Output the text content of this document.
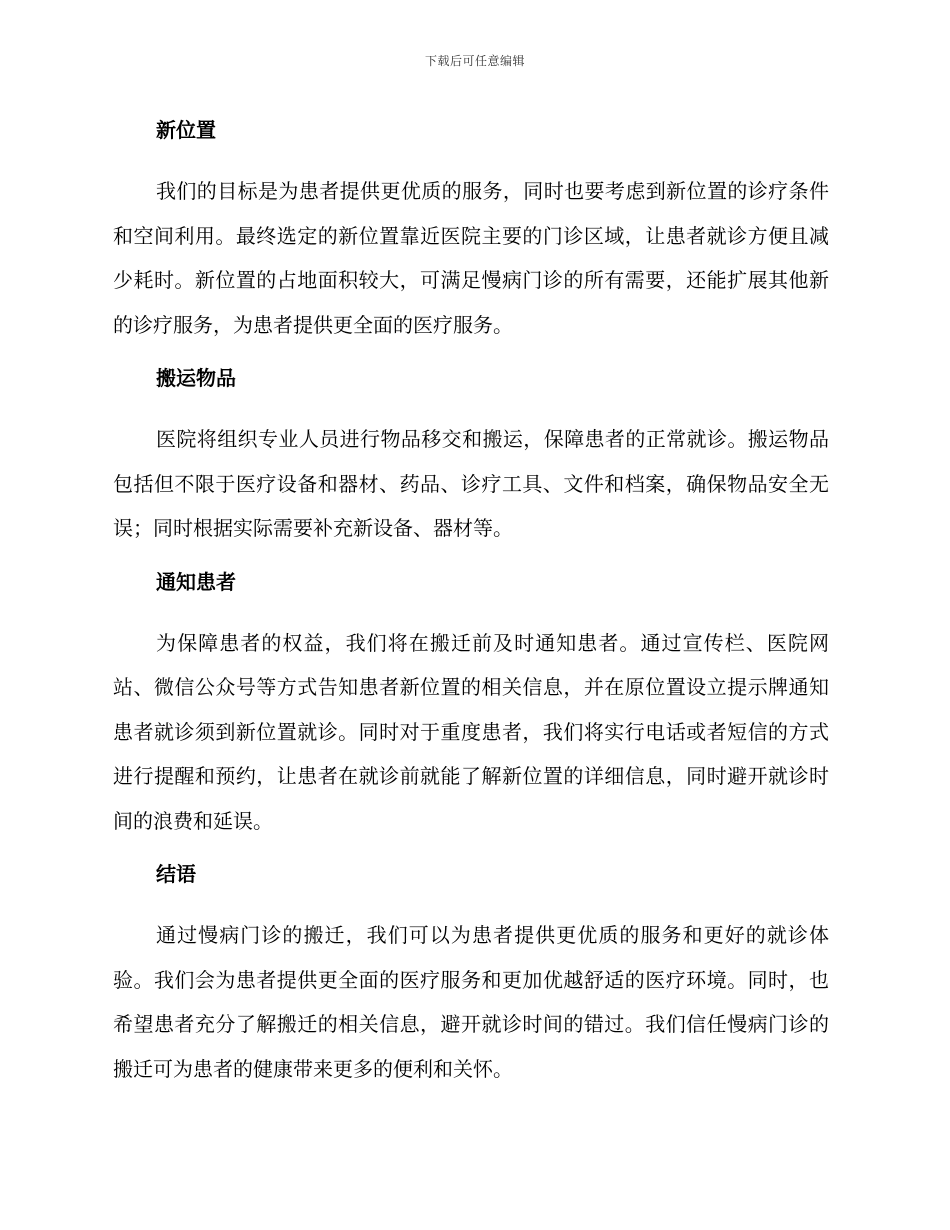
下载后可任意编辑
新位置

我们的目标是为患者提供更优质的服务，同时也要考虑到新位置的诊疗条件和空间利用。最终选定的新位置靠近医院主要的门诊区域，让患者就诊方便且减少耗时。新位置的占地面积较大，可满足慢病门诊的所有需要，还能扩展其他新的诊疗服务，为患者提供更全面的医疗服务。

搬运物品

医院将组织专业人员进行物品移交和搬运，保障患者的正常就诊。搬运物品包括但不限于医疗设备和器材、药品、诊疗工具、文件和档案，确保物品安全无误；同时根据实际需要补充新设备、器材等。

通知患者

为保障患者的权益，我们将在搬迁前及时通知患者。通过宣传栏、医院网站、微信公众号等方式告知患者新位置的相关信息，并在原位置设立提示牌通知患者就诊须到新位置就诊。同时对于重度患者，我们将实行电话或者短信的方式进行提醒和预约，让患者在就诊前就能了解新位置的详细信息，同时避开就诊时间的浪费和延误。

结语

通过慢病门诊的搬迁，我们可以为患者提供更优质的服务和更好的就诊体验。我们会为患者提供更全面的医疗服务和更加优越舒适的医疗环境。同时，也希望患者充分了解搬迁的相关信息，避开就诊时间的错过。我们信任慢病门诊的搬迁可为患者的健康带来更多的便利和关怀。
